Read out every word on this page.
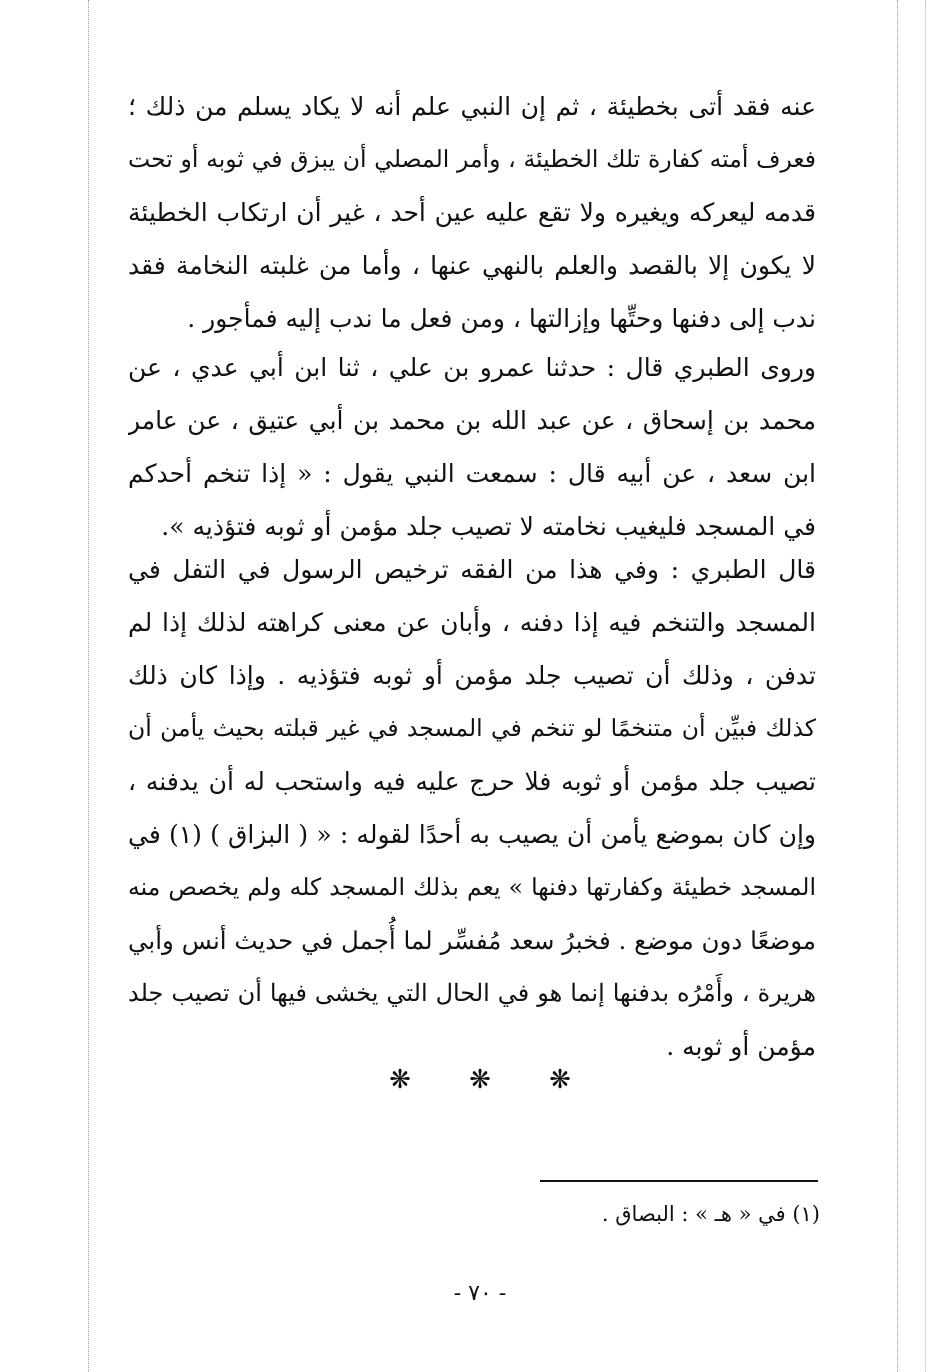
عنه فقد أتى بخطيئة ، ثم إن النبي علم أنه لا يكاد يسلم من ذلك ؛
فعرف أمته كفارة تلك الخطيئة ، وأمر المصلي أن يبزق في ثوبه أو تحت
قدمه ليعركه ويغيره ولا تقع عليه عين أحد ، غير أن ارتكاب الخطيئة
لا يكون إلا بالقصد والعلم بالنهي عنها ، وأما من غلبته النخامة فقد
ندب إلى دفنها وحتِّها وإزالتها ، ومن فعل ما ندب إليه فمأجور .
وروى الطبري قال : حدثنا عمرو بن علي ، ثنا ابن أبي عدي ، عن
محمد بن إسحاق ، عن عبد الله بن محمد بن أبي عتيق ، عن عامر
ابن سعد ، عن أبيه قال : سمعت النبي يقول : « إذا تنخم أحدكم
في المسجد فليغيب نخامته لا تصيب جلد مؤمن أو ثوبه فتؤذيه ».
قال الطبري : وفي هذا من الفقه ترخيص الرسول في التفل في
المسجد والتنخم فيه إذا دفنه ، وأبان عن معنى كراهته لذلك إذا لم
تدفن ، وذلك أن تصيب جلد مؤمن أو ثوبه فتؤذيه . وإذا كان ذلك
كذلك فبيِّن أن متنخمًا لو تنخم في المسجد في غير قبلته بحيث يأمن أن
تصيب جلد مؤمن أو ثوبه فلا حرج عليه فيه واستحب له أن يدفنه ،
وإن كان بموضع يأمن أن يصيب به أحدًا لقوله : « ( البزاق ) (١) في
المسجد خطيئة وكفارتها دفنها » يعم بذلك المسجد كله ولم يخصص منه
موضعًا دون موضع . فخبرُ سعد مُفسِّر لما أُجمل في حديث أنس وأبي
هريرة ، وأَمْرُه بدفنها إنما هو في الحال التي يخشى فيها أن تصيب جلد
مؤمن أو ثوبه .
❋	❋	❋
(١) في « هـ » : البصاق .
- ٧٠ -
